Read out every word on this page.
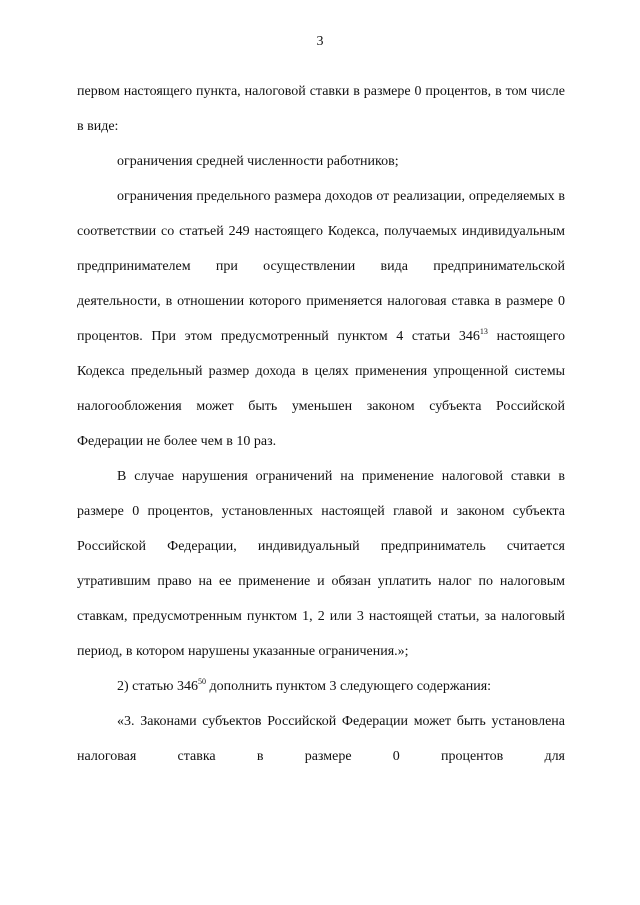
3

первом настоящего пункта, налоговой ставки в размере 0 процентов, в том числе в виде:

ограничения средней численности работников;

ограничения предельного размера доходов от реализации, определяемых в соответствии со статьей 249 настоящего Кодекса, получаемых индивидуальным предпринимателем при осуществлении вида предпринимательской деятельности, в отношении которого применяется налоговая ставка в размере 0 процентов. При этом предусмотренный пунктом 4 статьи $346^{13}$ настоящего Кодекса предельный размер дохода в целях применения упрощенной системы налогообложения может быть уменьшен законом субъекта Российской Федерации не более чем в 10 раз.

В случае нарушения ограничений на применение налоговой ставки в размере 0 процентов, установленных настоящей главой и законом субъекта Российской Федерации, индивидуальный предприниматель считается утратившим право на ее применение и обязан уплатить налог по налоговым ставкам, предусмотренным пунктом 1, 2 или 3 настоящей статьи, за налоговый период, в котором нарушены указанные ограничения.»;

2) статью $346^{50}$ дополнить пунктом 3 следующего содержания:

«3. Законами субъектов Российской Федерации может быть установлена налоговая ставка в размере 0 процентов для
